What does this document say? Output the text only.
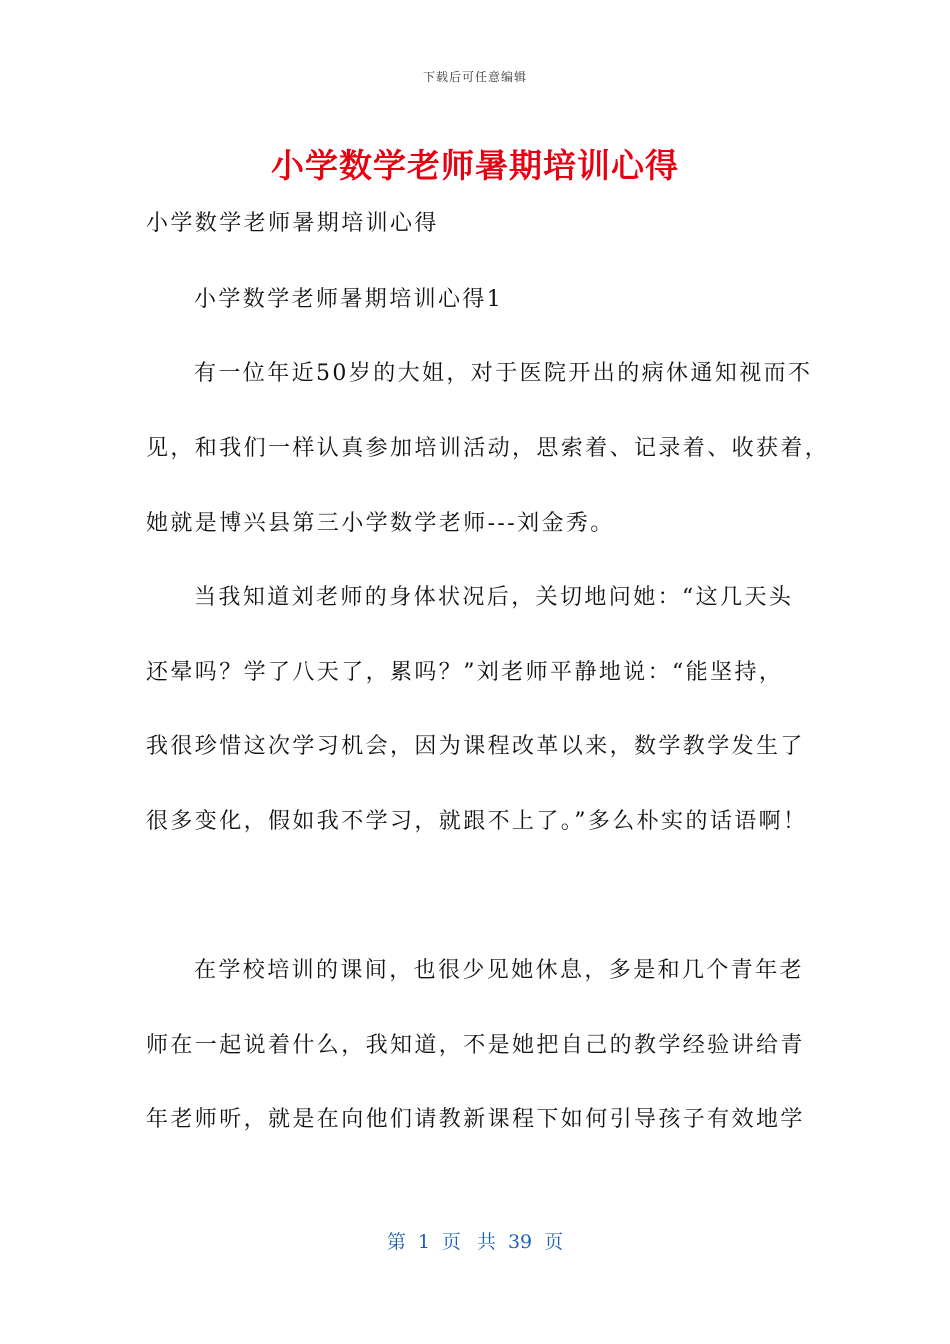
下载后可任意编辑
小学数学老师暑期培训心得
小学数学老师暑期培训心得
小学数学老师暑期培训心得1
有一位年近50岁的大姐，对于医院开出的病休通知视而不
见，和我们一样认真参加培训活动，思索着、记录着、收获着，
她就是博兴县第三小学数学老师---刘金秀。
当我知道刘老师的身体状况后，关切地问她：“这几天头
还晕吗？学了八天了，累吗？”刘老师平静地说：“能坚持，
我很珍惜这次学习机会，因为课程改革以来，数学教学发生了
很多变化，假如我不学习，就跟不上了。”多么朴实的话语啊！
在学校培训的课间，也很少见她休息，多是和几个青年老
师在一起说着什么，我知道，不是她把自己的教学经验讲给青
年老师听，就是在向他们请教新课程下如何引导孩子有效地学
第 1 页 共 39 页
